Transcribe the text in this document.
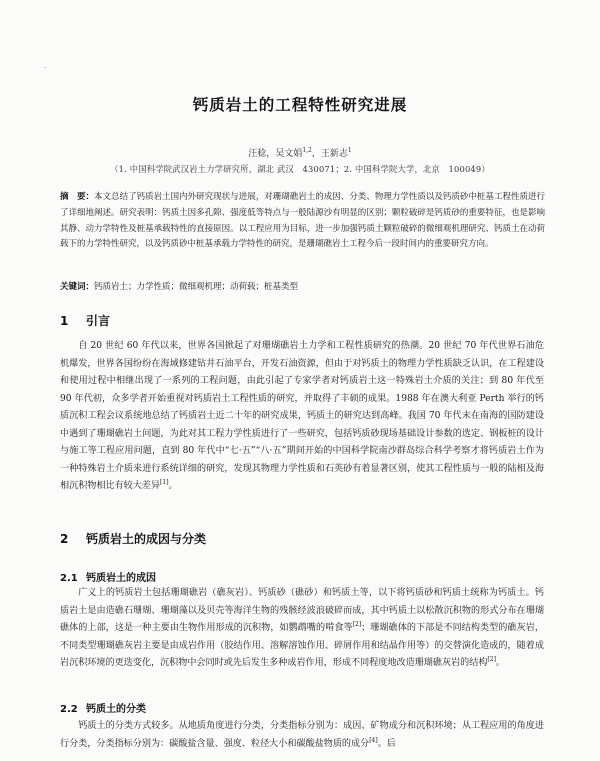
·
钙质岩土的工程特性研究进展
汪稔，吴文娟$^{1,2}$，王新志$^1$
（1. 中国科学院武汉岩土力学研究所，湖北 武汉　430071；2. 中国科学院大学，北京　100049）
摘　要：本文总结了钙质岩土国内外研究现状与进展，对珊瑚礁岩土的成因、分类、物理力学性质以及钙质砂中桩基工程性质进行了详细地阐述。研究表明：钙质土因多孔隙、强度低等特点与一般陆源沙有明显的区别；颗粒破碎是钙质砂的重要特征，也是影响其静、动力学特性及桩基承载特性的直接原因。以工程应用为目标，进一步加强钙质土颗粒破碎的微细观机理研究、钙质土在动荷载下的力学特性研究，以及钙质砂中桩基承载力学特性的研究，是珊瑚礁岩土工程今后一段时间内的重要研究方向。
关键词：钙质岩土；力学性质；微细观机理；动荷载；桩基类型
1 引言
自 20 世纪 60 年代以来，世界各国掀起了对珊瑚礁岩土力学和工程性质研究的热潮。20 世纪 70 年代世界石油危机爆发，世界各国纷纷在海域修建钻井石油平台，开发石油资源，但由于对钙质土的物理力学性质缺乏认识，在工程建设和使用过程中相继出现了一系列的工程问题，由此引起了专家学者对钙质岩土这一特殊岩土介质的关注；到 80 年代至 90 年代初，众多学者开始重视对钙质岩土工程性质的研究，并取得了丰硕的成果。1988 年在澳大利亚 Perth 举行的钙质沉积工程会议系统地总结了钙质岩土近二十年的研究成果，钙质土的研究达到高峰。我国 70 年代末在南海的国防建设中遇到了珊瑚礁岩土问题，为此对其工程力学性质进行了一些研究，包括钙质砂现场基础设计参数的选定、钢板桩的设计与施工等工程应用问题，直到 80 年代中“七·五”“八·五”期间开始的中国科学院南沙群岛综合科学考察才将钙质岩土作为一种特殊岩土介质来进行系统详细的研究，发现其物理力学性质和石英砂有着显著区别，使其工程性质与一般的陆相及海相沉积物相比有较大差异[1]。
2 钙质岩土的成因与分类
2.1 钙质岩土的成因
广义上的钙质岩土包括珊瑚礁岩（礁灰岩）、钙质砂（礁砂）和钙质土等，以下将钙质砂和钙质土统称为钙质土。钙质岩土是由造礁石珊瑚、珊瑚藻以及贝壳等海洋生物的残骸经波浪破碎而成，其中钙质土以松散沉积物的形式分布在珊瑚礁体的上部，这是一种主要由生物作用形成的沉积物，如鹦鹉嘴的啃食等[2]；珊瑚礁体的下部是不同结构类型的礁灰岩，不同类型珊瑚礁灰岩主要是由成岩作用（胶结作用、溶解溶蚀作用、碎屑作用和结晶作用等）的交替演化造成的，随着成岩沉积环境的更迭变化，沉积物中会同时或先后发生多种成岩作用，形成不同程度地改造珊瑚礁灰岩的结构[2]。
2.2 钙质土的分类
钙质土的分类方式较多。从地质角度进行分类，分类指标分别为：成因、矿物成分和沉积环境；从工程应用的角度进行分类，分类指标分别为：碳酸盐含量、强度、粒径大小和碳酸盐物质的成分[4]。后
